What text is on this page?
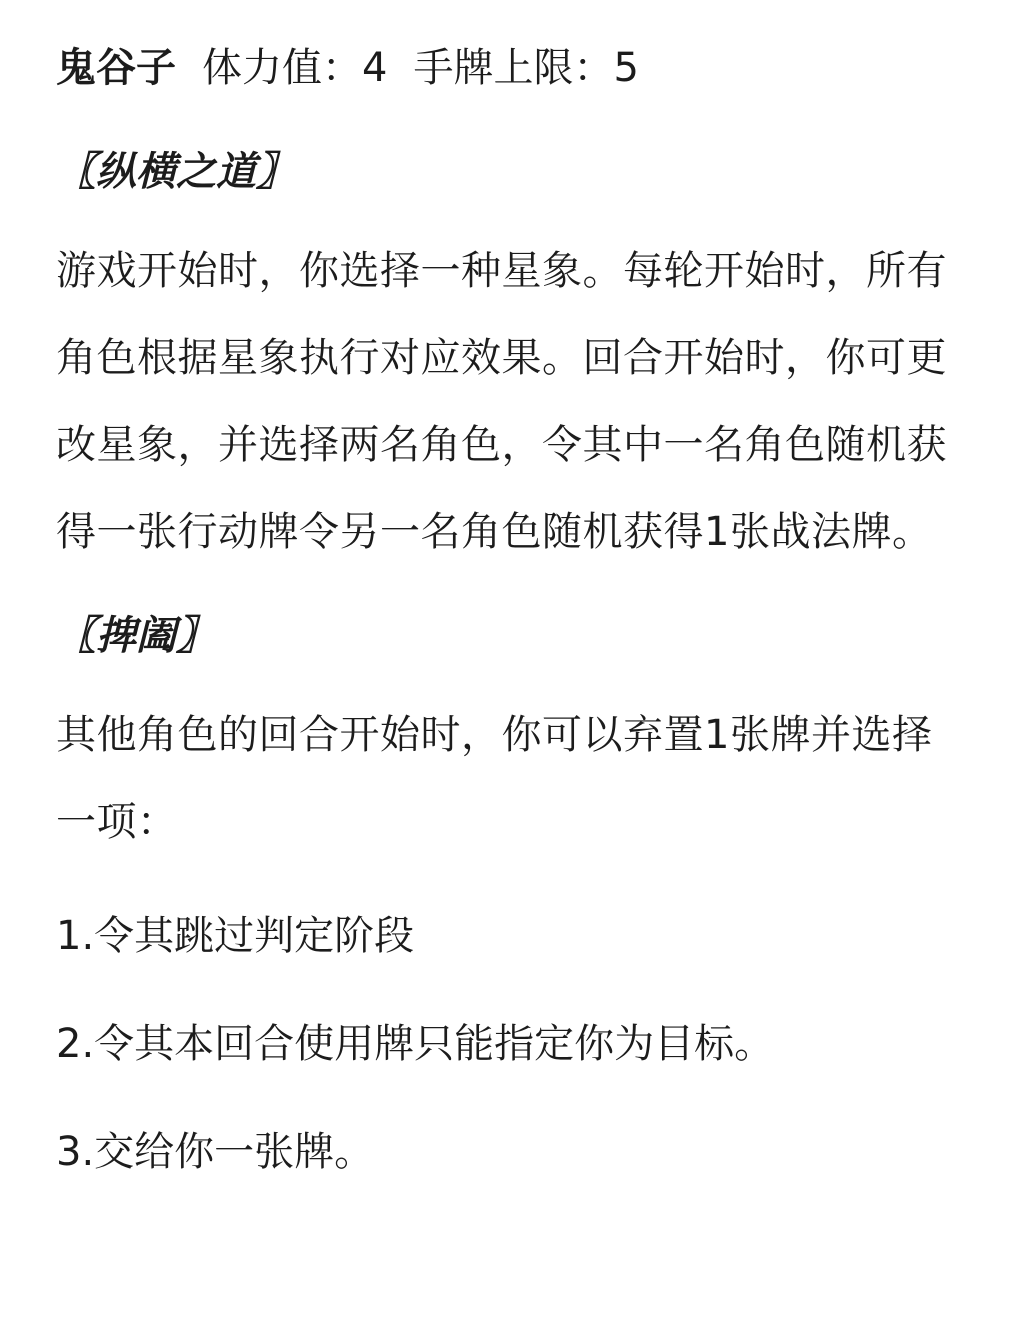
鬼谷子 体力值：4 手牌上限：5
〖纵横之道〗
游戏开始时，你选择一种星象。每轮开始时，所有角色根据星象执行对应效果。回合开始时，你可更改星象，并选择两名角色，令其中一名角色随机获得一张行动牌令另一名角色随机获得1张战法牌。
〖捭阖〗
其他角色的回合开始时，你可以弃置1张牌并选择一项：
1.令其跳过判定阶段
2.令其本回合使用牌只能指定你为目标。
3.交给你一张牌。
